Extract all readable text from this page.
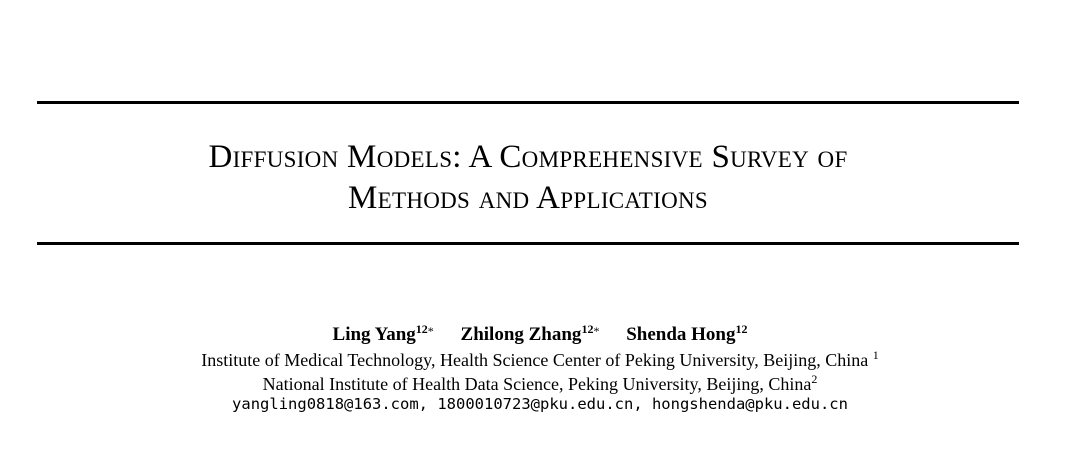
Diffusion Models: A Comprehensive Survey of
Methods and Applications
Ling Yang$^{12*}$ Zhilong Zhang$^{12*}$ Shenda Hong$^{12}$
Institute of Medical Technology, Health Science Center of Peking University, Beijing, China $^1$
National Institute of Health Data Science, Peking University, Beijing, China$^2$
yangling0818@163.com, 1800010723@pku.edu.cn, hongshenda@pku.edu.cn
